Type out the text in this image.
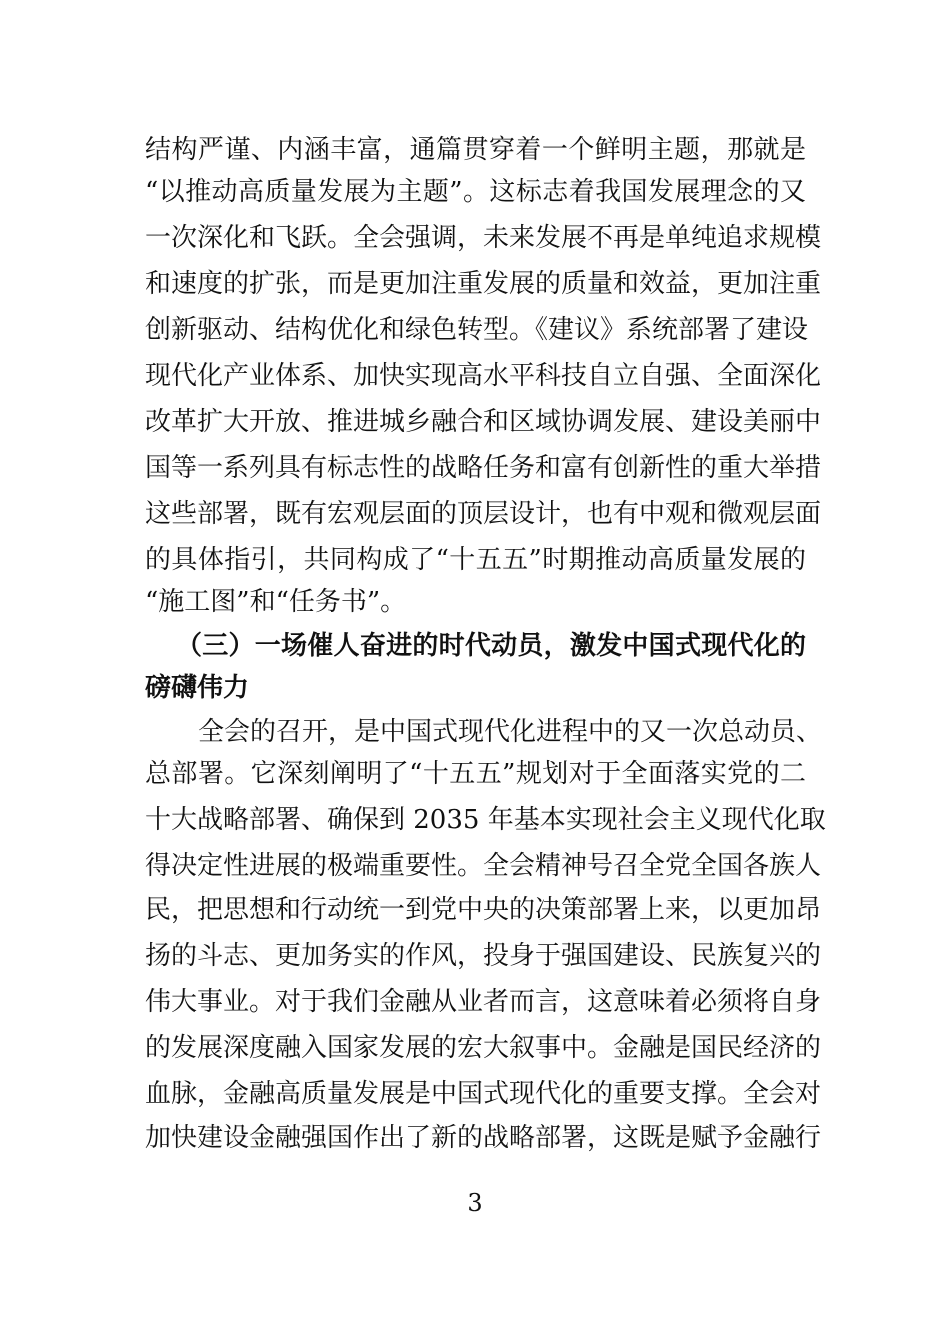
结构严谨、内涵丰富，通篇贯穿着一个鲜明主题，那就是
“以推动高质量发展为主题”。这标志着我国发展理念的又
一次深化和飞跃。全会强调，未来发展不再是单纯追求规模
和速度的扩张，而是更加注重发展的质量和效益，更加注重
创新驱动、结构优化和绿色转型。《建议》系统部署了建设
现代化产业体系、加快实现高水平科技自立自强、全面深化
改革扩大开放、推进城乡融合和区域协调发展、建设美丽中
国等一系列具有标志性的战略任务和富有创新性的重大举措
这些部署，既有宏观层面的顶层设计，也有中观和微观层面
的具体指引，共同构成了“十五五”时期推动高质量发展的
“施工图”和“任务书”。
（三）一场催人奋进的时代动员，激发中国式现代化的
磅礴伟力
全会的召开，是中国式现代化进程中的又一次总动员、
总部署。它深刻阐明了“十五五”规划对于全面落实党的二
十大战略部署、确保到 2035 年基本实现社会主义现代化取
得决定性进展的极端重要性。全会精神号召全党全国各族人
民，把思想和行动统一到党中央的决策部署上来，以更加昂
扬的斗志、更加务实的作风，投身于强国建设、民族复兴的
伟大事业。对于我们金融从业者而言，这意味着必须将自身
的发展深度融入国家发展的宏大叙事中。金融是国民经济的
血脉，金融高质量发展是中国式现代化的重要支撑。全会对
加快建设金融强国作出了新的战略部署，这既是赋予金融行
3
